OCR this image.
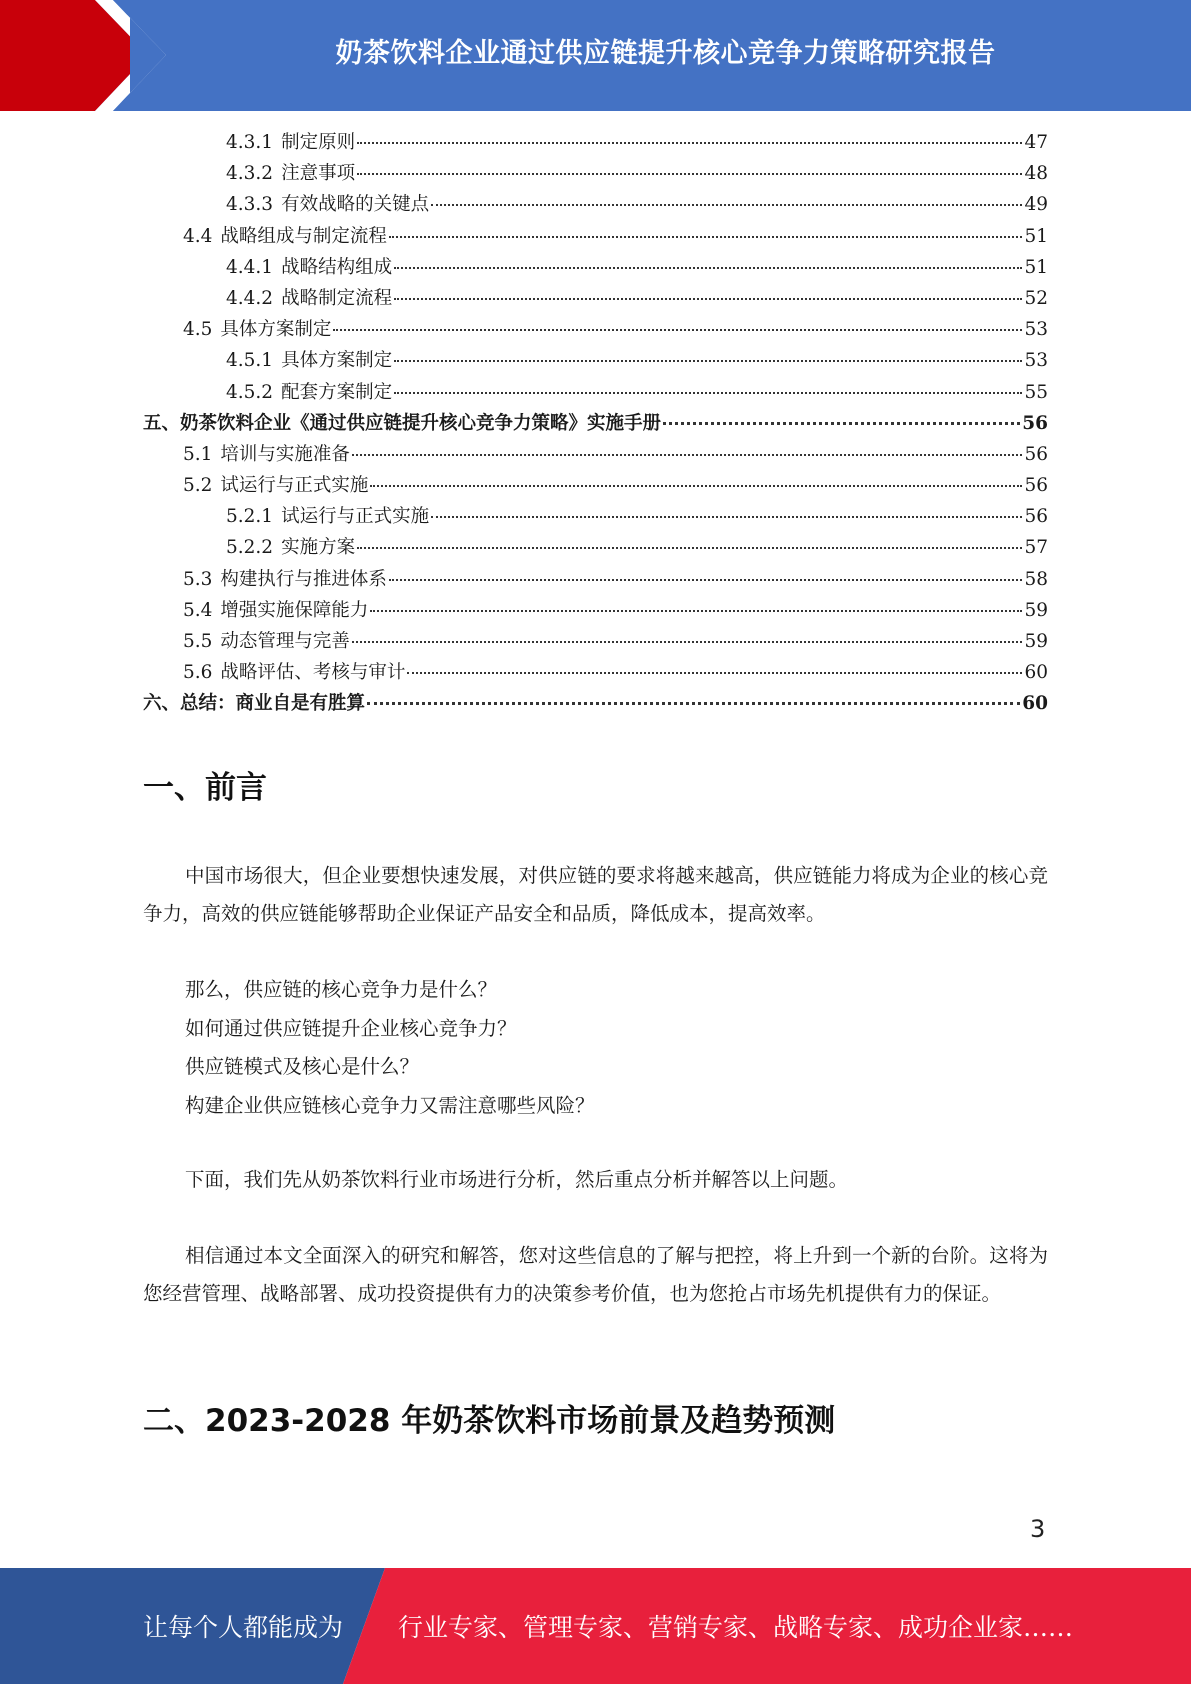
奶茶饮料企业通过供应链提升核心竞争力策略研究报告
4.3.1 制定原则	47
4.3.2 注意事项	48
4.3.3 有效战略的关键点	49
4.4 战略组成与制定流程	51
4.4.1 战略结构组成	51
4.4.2 战略制定流程	52
4.5 具体方案制定	53
4.5.1 具体方案制定	53
4.5.2 配套方案制定	55
五、奶茶饮料企业《通过供应链提升核心竞争力策略》实施手册	56
5.1 培训与实施准备	56
5.2 试运行与正式实施	56
5.2.1 试运行与正式实施	56
5.2.2 实施方案	57
5.3 构建执行与推进体系	58
5.4 增强实施保障能力	59
5.5 动态管理与完善	59
5.6 战略评估、考核与审计	60
六、总结：商业自是有胜算	60
一、前言

中国市场很大，但企业要想快速发展，对供应链的要求将越来越高，供应链能力将成为企业的核心竞争力，高效的供应链能够帮助企业保证产品安全和品质，降低成本，提高效率。

那么，供应链的核心竞争力是什么？
如何通过供应链提升企业核心竞争力？
供应链模式及核心是什么？
构建企业供应链核心竞争力又需注意哪些风险？

下面，我们先从奶茶饮料行业市场进行分析，然后重点分析并解答以上问题。

相信通过本文全面深入的研究和解答，您对这些信息的了解与把控，将上升到一个新的台阶。这将为您经营管理、战略部署、成功投资提供有力的决策参考价值，也为您抢占市场先机提供有力的保证。

二、2023-2028 年奶茶饮料市场前景及趋势预测
3
让每个人都能成为 行业专家、管理专家、营销专家、战略专家、成功企业家……
